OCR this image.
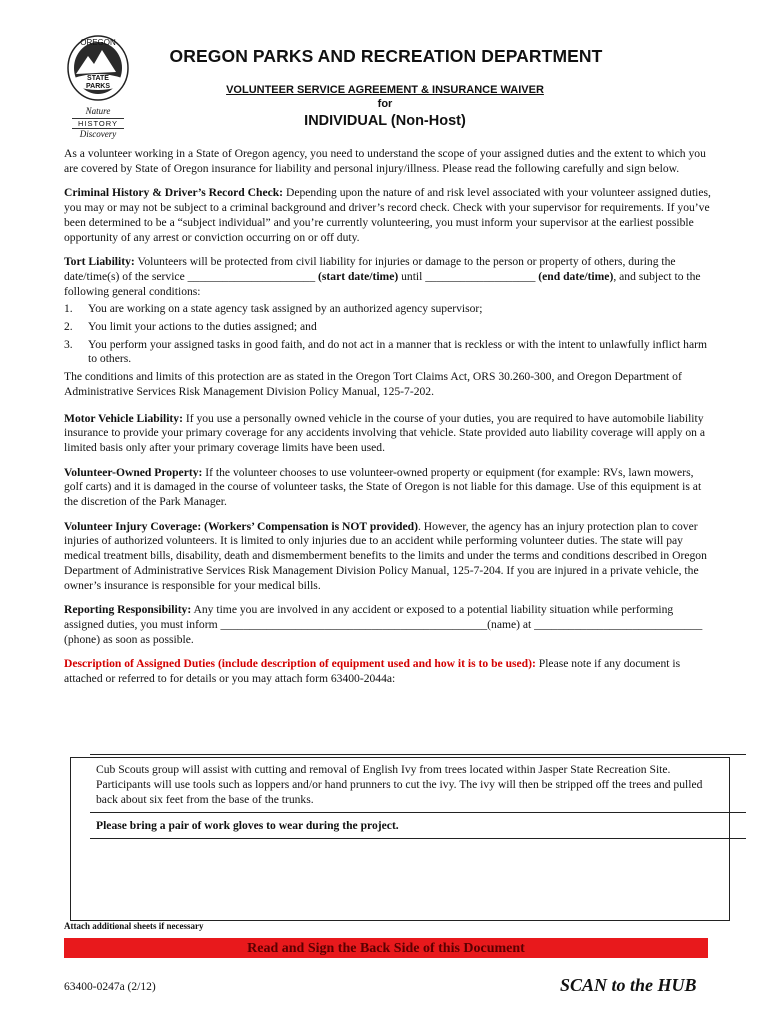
OREGON
STATE
PARKS
Nature
HISTORY
Discovery
OREGON PARKS AND RECREATION DEPARTMENT
VOLUNTEER SERVICE AGREEMENT & INSURANCE WAIVER
for
INDIVIDUAL (Non-Host)

As a volunteer working in a State of Oregon agency, you need to understand the scope of your assigned duties and the extent to which you are covered by State of Oregon insurance for liability and personal injury/illness. Please read the following carefully and sign below.

Criminal History & Driver’s Record Check: Depending upon the nature of and risk level associated with your volunteer assigned duties, you may or may not be subject to a criminal background and driver’s record check. Check with your supervisor for requirements. If you’ve been determined to be a “subject individual” and you’re currently volunteering, you must inform your supervisor at the earliest possible opportunity of any arrest or conviction occurring on or off duty.

Tort Liability: Volunteers will be protected from civil liability for injuries or damage to the person or property of others, during the date/time(s) of the service ______________________ (start date/time) until ___________________ (end date/time), and subject to the following general conditions:
1. You are working on a state agency task assigned by an authorized agency supervisor;
2. You limit your actions to the duties assigned; and
3. You perform your assigned tasks in good faith, and do not act in a manner that is reckless or with the intent to unlawfully inflict harm to others.
The conditions and limits of this protection are as stated in the Oregon Tort Claims Act, ORS 30.260-300, and Oregon Department of Administrative Services Risk Management Division Policy Manual, 125-7-202.

Motor Vehicle Liability: If you use a personally owned vehicle in the course of your duties, you are required to have automobile liability insurance to provide your primary coverage for any accidents involving that vehicle. State provided auto liability coverage will apply on a limited basis only after your primary coverage limits have been used.

Volunteer-Owned Property: If the volunteer chooses to use volunteer-owned property or equipment (for example: RVs, lawn mowers, golf carts) and it is damaged in the course of volunteer tasks, the State of Oregon is not liable for this damage. Use of this equipment is at the discretion of the Park Manager.

Volunteer Injury Coverage: (Workers’ Compensation is NOT provided). However, the agency has an injury protection plan to cover injuries of authorized volunteers. It is limited to only injuries due to an accident while performing volunteer duties. The state will pay medical treatment bills, disability, death and dismemberment benefits to the limits and under the terms and conditions described in Oregon Department of Administrative Services Risk Management Division Policy Manual, 125-7-204. If you are injured in a private vehicle, the owner’s insurance is responsible for your medical bills.

Reporting Responsibility: Any time you are involved in any accident or exposed to a potential liability situation while performing assigned duties, you must inform ______________________________________________(name) at _____________________________ (phone) as soon as possible.

Description of Assigned Duties (include description of equipment used and how it is to be used): Please note if any document is attached or referred to for details or you may attach form 63400-2044a:

Cub Scouts group will assist with cutting and removal of English Ivy from trees located within Jasper State Recreation Site. Participants will use tools such as loppers and/or hand prunners to cut the ivy. The ivy will then be stripped off the trees and pulled back about six feet from the base of the trunks.
Please bring a pair of work gloves to wear during the project.
Attach additional sheets if necessary
Read and Sign the Back Side of this Document
63400-0247a (2/12)	SCAN to the HUB
